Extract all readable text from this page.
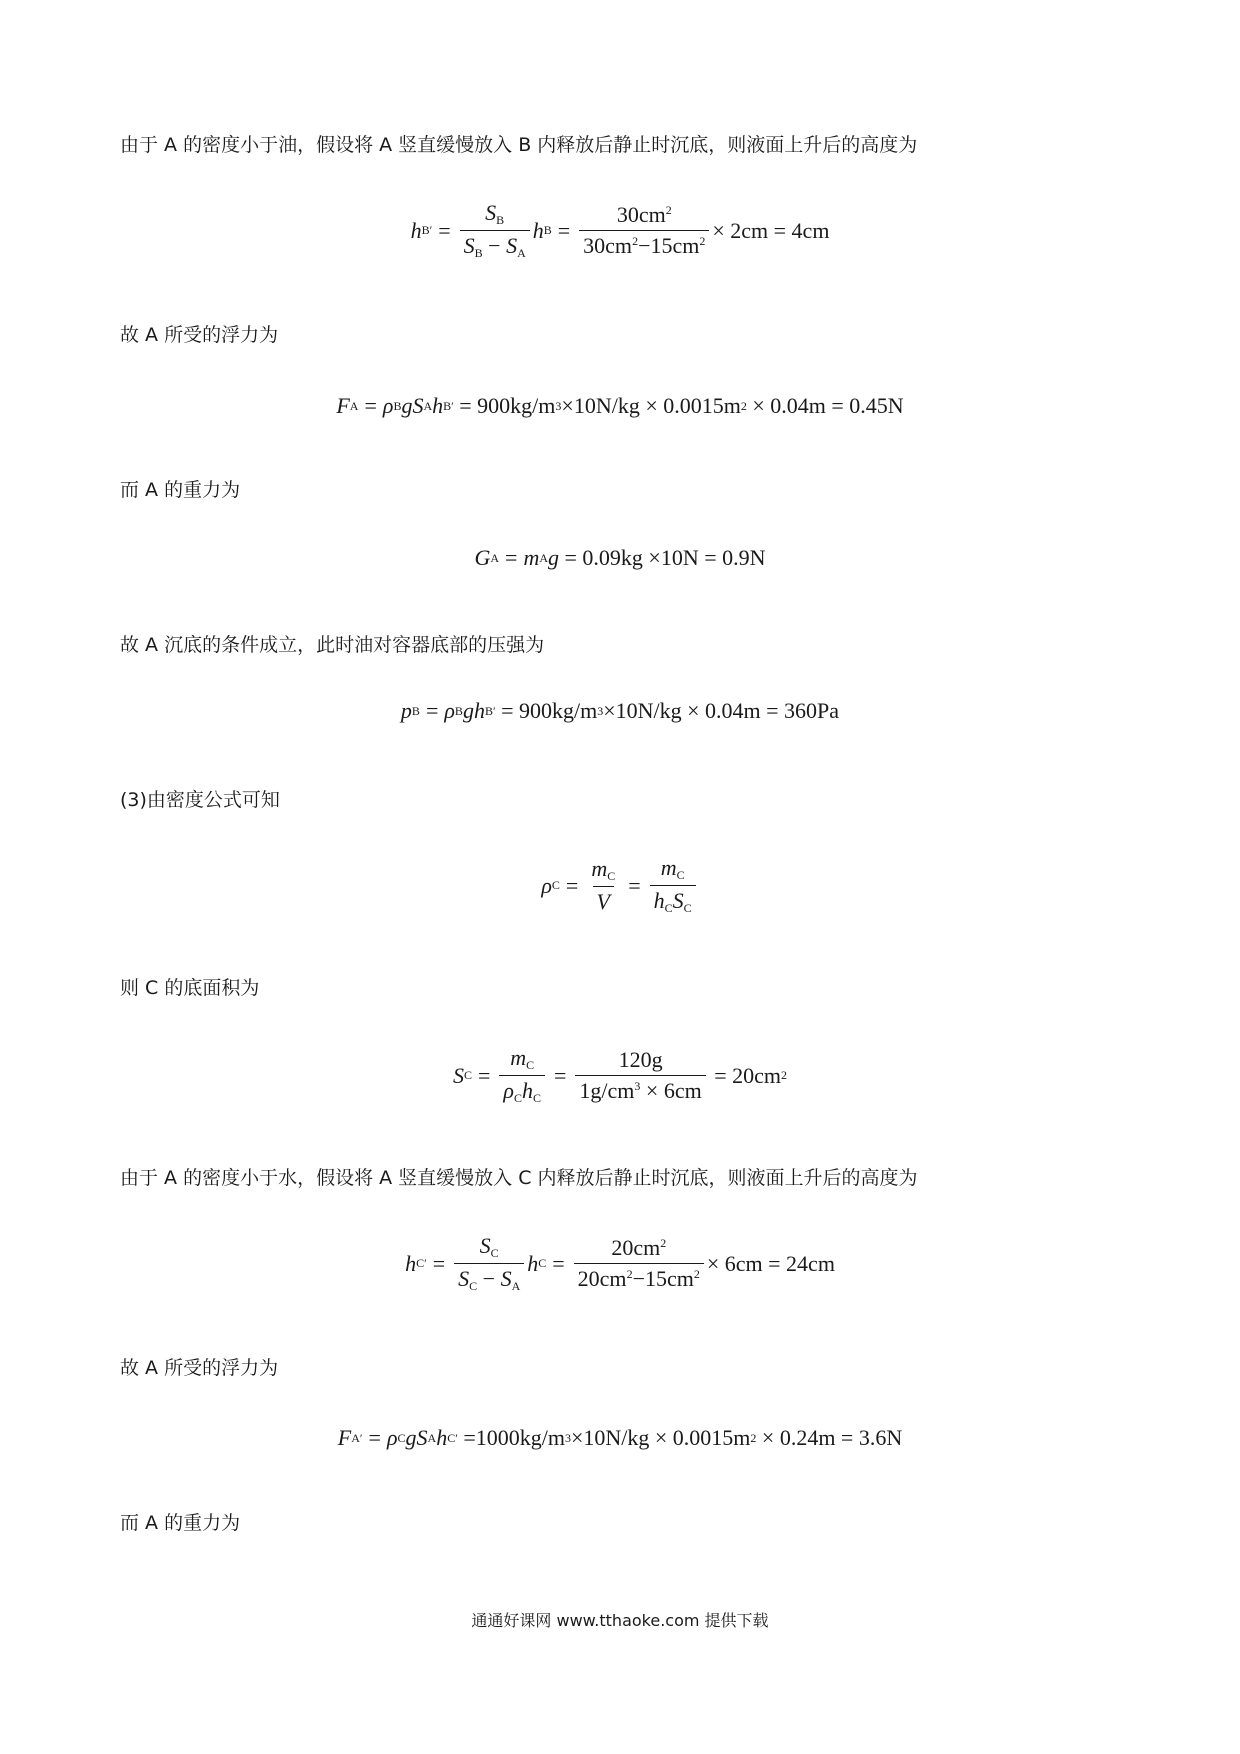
由于 A 的密度小于油，假设将 A 竖直缓慢放入 B 内释放后静止时沉底，则液面上升后的高度为
故 A 所受的浮力为
而 A 的重力为
故 A 沉底的条件成立，此时油对容器底部的压强为
(3)由密度公式可知
则 C 的底面积为
由于 A 的密度小于水，假设将 A 竖直缓慢放入 C 内释放后静止时沉底，则液面上升后的高度为
故 A 所受的浮力为
而 A 的重力为
h B ′ = $\frac{S_B}{S_B - S_A}$ h $B = \frac{30cm^2}{30cm^2-15cm^2} \times 2cm = 4cm$
F A = ρ B g S A h B ′
= 900kg/m 3 ×10N/kg × 0.0015m 2
× 0.04m = 0.45N
G A = m A g
= 0.09kg ×10N = 0.9N
p B = ρ B g h B ′
= 900kg/m 3 ×10N/kg × 0.04m = 360Pa
ρ $C = \frac{m_C}{V} = \frac{m_C}{h_CS_C}$
S $C = \frac{m_C}{\rho_Ch_C} = \frac{120g}{1g/cm^3 \times 6cm}$
= 20cm 2
h C ′ = $\frac{S_C}{S_C - S_A}$ h $C = \frac{20cm^2}{20cm^2-15cm^2} \times 6cm = 24cm$
F A ′ = ρ C g S A h C ′
=1000kg/m 3 ×10N/kg × 0.0015m 2
× 0.24m = 3.6N
通通好课网 www.tthaoke.com 提供下载
